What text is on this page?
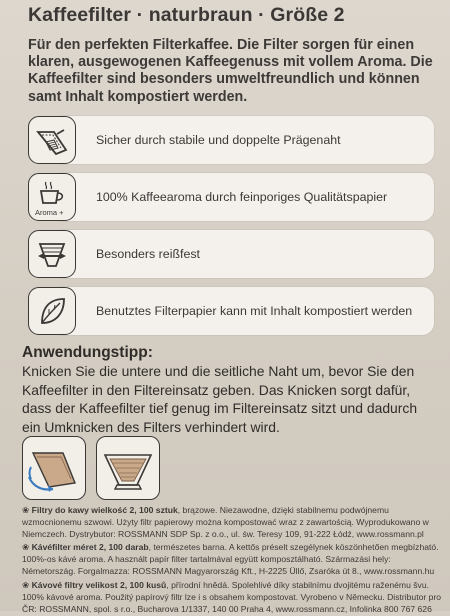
Kaffeefilter · naturbraun · Größe 2
Für den perfekten Filterkaffee. Die Filter sorgen für einen klaren, ausgewogenen Kaffeegenuss mit vollem Aroma. Die Kaffeefilter sind besonders umweltfreundlich und können samt Inhalt kompostiert werden.
Sicher durch stabile und doppelte Prägenaht
Aroma +
100% Kaffeearoma durch feinporiges Qualitätspapier
Besonders reißfest
Benutztes Filterpapier kann mit Inhalt kompostiert werden
Anwendungstipp:
Knicken Sie die untere und die seitliche Naht um, bevor Sie den
Kaffeefilter in den Filtereinsatz geben. Das Knicken sorgt dafür,
dass der Kaffeefilter tief genug im Filtereinsatz sitzt und dadurch
ein Umknicken des Filters verhindert wird.

❀ Filtry do kawy wielkość 2, 100 sztuk, brązowe. Niezawodne, dzięki stabilnemu podwójnemu wzmocnionemu szwowi. Użyty filtr papierowy można kompostować wraz z zawartością. Wyprodukowano w Niemczech. Dystrybutor: ROSSMANN SDP Sp. z o.o., ul. św. Teresy 109, 91-222 Łódź, www.rossmann.pl

❀ Kávéfilter méret 2, 100 darab, természetes barna. A kettős préselt szegélynek köszönhetően megbízható. 100%-os kávé aroma. A használt papír filter tartalmával együtt komposztálható. Származási hely: Németország. Forgalmazza: ROSSMANN Magyarország Kft., H-2225 Üllő, Zsaróka út 8., www.rossmann.hu

❀ Kávové filtry velikost 2, 100 kusů, přírodní hnědá. Spolehlivé díky stabilnímu dvojitému raženému švu. 100% kávové aroma. Použitý papírový filtr lze i s obsahem kompostovat. Vyrobeno v Německu. Distributor pro ČR: ROSSMANN, spol. s r.o., Bucharova 1/1337, 140 00 Praha 4, www.rossmann.cz, Infolinka 800 767 626
